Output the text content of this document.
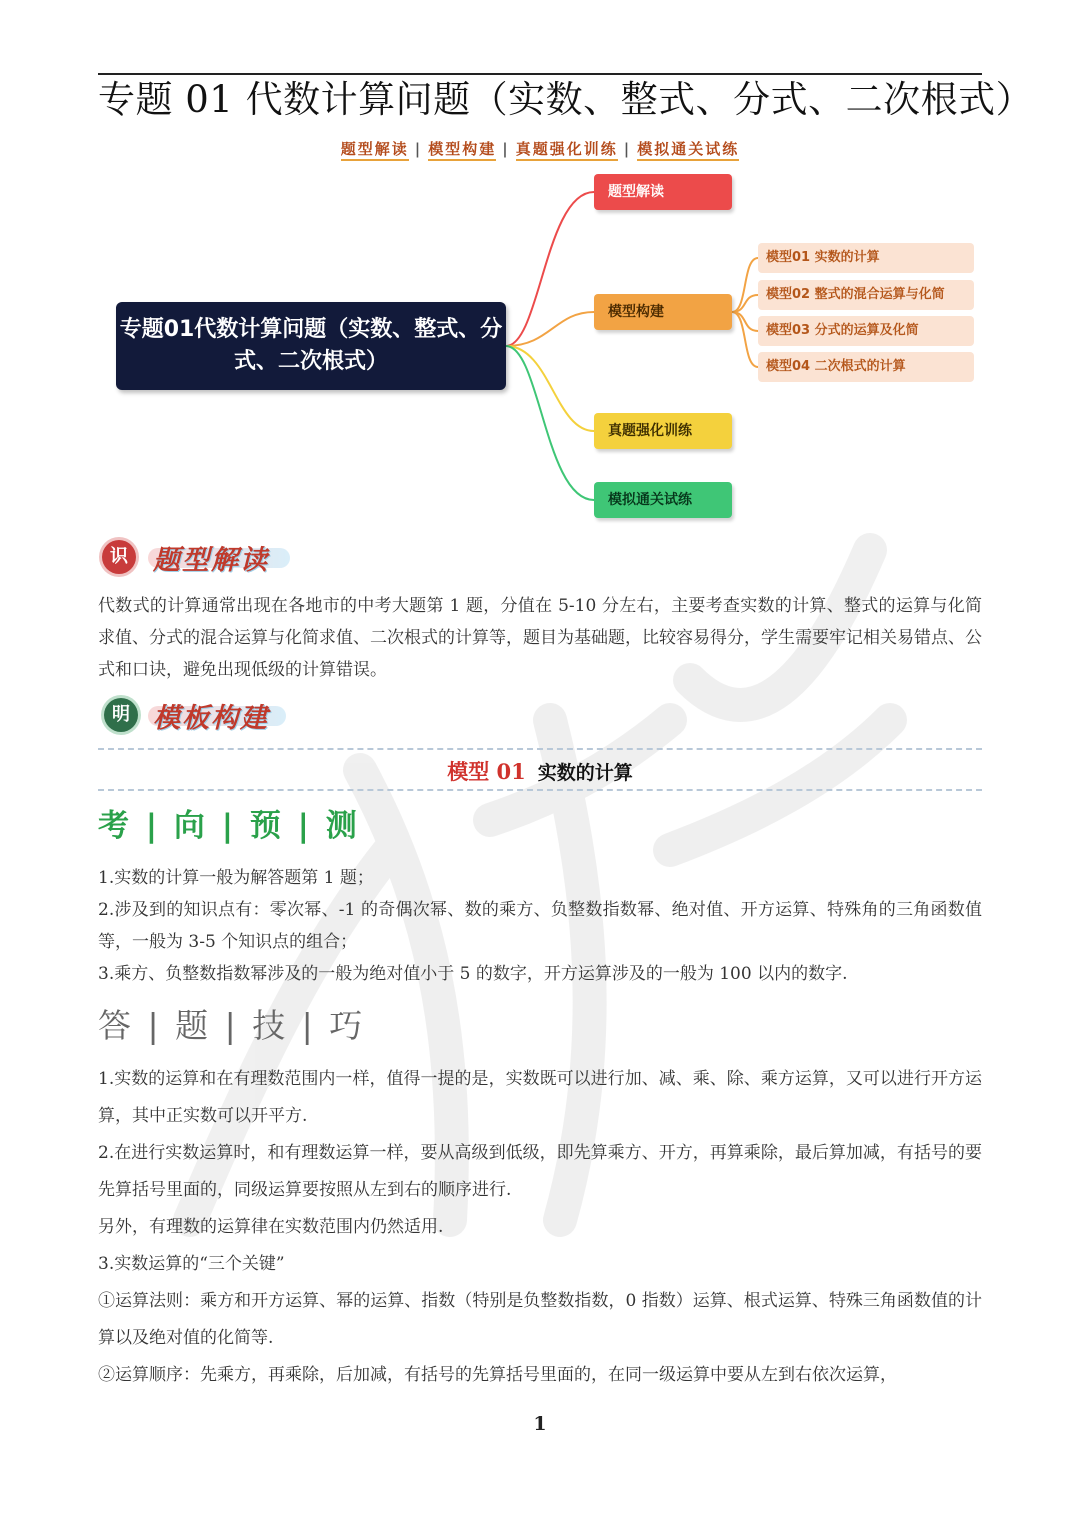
专题 01 代数计算问题（实数、整式、分式、二次根式）
题型解读 | 模型构建 | 真题强化训练 | 模拟通关试练
专题01代数计算问题（实数、整式、分式、二次根式）
题型解读
模型构建
真题强化训练
模拟通关试练
模型01 实数的计算
模型02 整式的混合运算与化简
模型03 分式的运算及化简
模型04 二次根式的计算
识 题型解读
代数式的计算通常出现在各地市的中考大题第 1 题，分值在 5-10 分左右，主要考查实数的计算、整式的运算与化简求值、分式的混合运算与化简求值、二次根式的计算等，题目为基础题，比较容易得分，学生需要牢记相关易错点、公式和口诀，避免出现低级的计算错误。
明 模板构建
模型 01 实数的计算
考 | 向 | 预 | 测
1.实数的计算一般为解答题第 1 题；
2.涉及到的知识点有：零次幂、-1 的奇偶次幂、数的乘方、负整数指数幂、绝对值、开方运算、特殊角的三角函数值等，一般为 3-5 个知识点的组合；
3.乘方、负整数指数幂涉及的一般为绝对值小于 5 的数字，开方运算涉及的一般为 100 以内的数字.
答 | 题 | 技 | 巧
1.实数的运算和在有理数范围内一样，值得一提的是，实数既可以进行加、减、乘、除、乘方运算，又可以进行开方运算，其中正实数可以开平方.
2.在进行实数运算时，和有理数运算一样，要从高级到低级，即先算乘方、开方，再算乘除，最后算加减，有括号的要先算括号里面的，同级运算要按照从左到右的顺序进行.
另外，有理数的运算律在实数范围内仍然适用.
3.实数运算的“三个关键”
①运算法则：乘方和开方运算、幂的运算、指数（特别是负整数指数，0 指数）运算、根式运算、特殊三角函数值的计算以及绝对值的化简等.
②运算顺序：先乘方，再乘除，后加减，有括号的先算括号里面的，在同一级运算中要从左到右依次运算，
1
